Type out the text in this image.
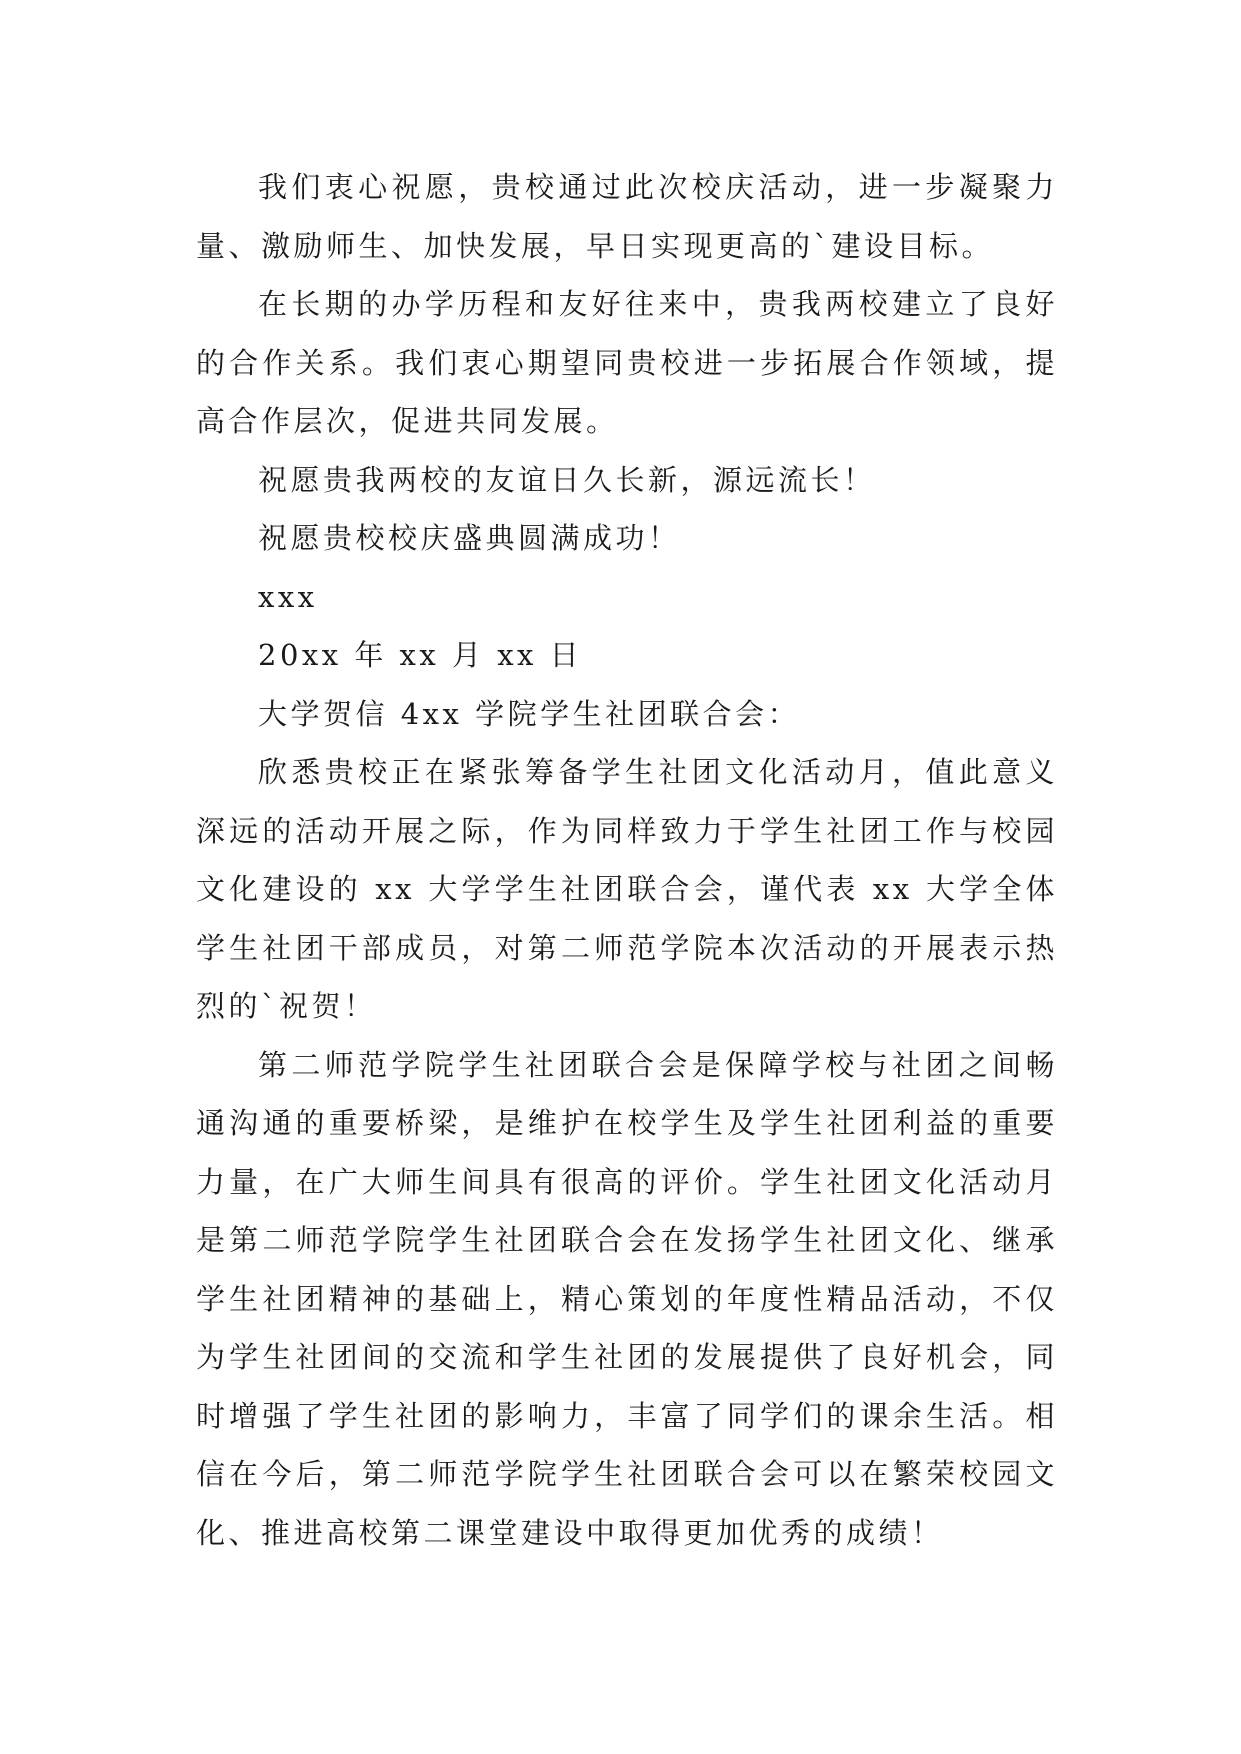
我们衷心祝愿，贵校通过此次校庆活动，进一步凝聚力量、激励师生、加快发展，早日实现更高的`建设目标。

在长期的办学历程和友好往来中，贵我两校建立了良好的合作关系。我们衷心期望同贵校进一步拓展合作领域，提高合作层次，促进共同发展。

祝愿贵我两校的友谊日久长新，源远流长！

祝愿贵校校庆盛典圆满成功！

xxx

20xx 年 xx 月 xx 日

大学贺信 4xx 学院学生社团联合会：

欣悉贵校正在紧张筹备学生社团文化活动月，值此意义深远的活动开展之际，作为同样致力于学生社团工作与校园文化建设的 xx 大学学生社团联合会，谨代表 xx 大学全体学生社团干部成员，对第二师范学院本次活动的开展表示热烈的`祝贺！

第二师范学院学生社团联合会是保障学校与社团之间畅通沟通的重要桥梁，是维护在校学生及学生社团利益的重要力量，在广大师生间具有很高的评价。学生社团文化活动月是第二师范学院学生社团联合会在发扬学生社团文化、继承学生社团精神的基础上，精心策划的年度性精品活动，不仅为学生社团间的交流和学生社团的发展提供了良好机会，同时增强了学生社团的影响力，丰富了同学们的课余生活。相信在今后，第二师范学院学生社团联合会可以在繁荣校园文化、推进高校第二课堂建设中取得更加优秀的成绩！
